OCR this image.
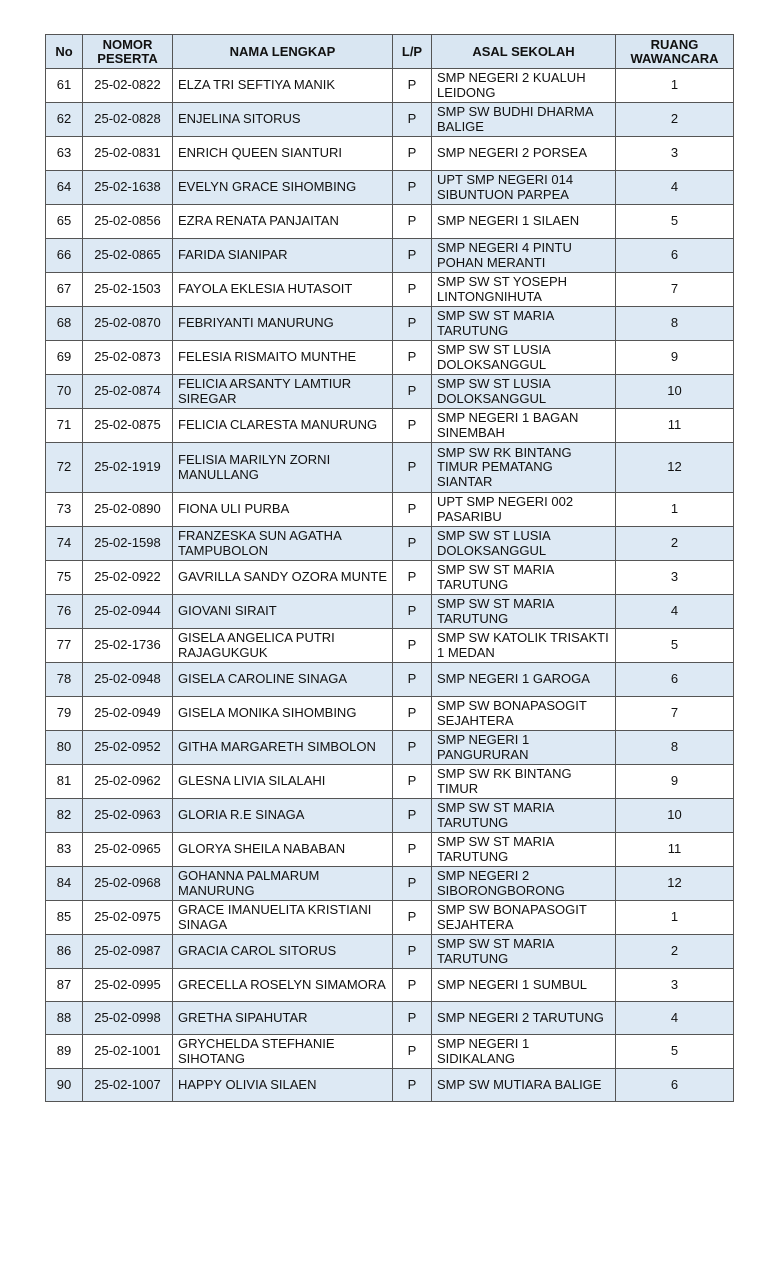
No	NOMOR PESERTA	NAMA LENGKAP	L/P	ASAL SEKOLAH	RUANG WAWANCARA
61	25-02-0822	ELZA TRI SEFTIYA MANIK	P	SMP NEGERI 2 KUALUH LEIDONG	1
62	25-02-0828	ENJELINA SITORUS	P	SMP SW BUDHI DHARMA BALIGE	2
63	25-02-0831	ENRICH QUEEN SIANTURI	P	SMP NEGERI 2 PORSEA	3
64	25-02-1638	EVELYN GRACE SIHOMBING	P	UPT SMP NEGERI 014 SIBUNTUON PARPEA	4
65	25-02-0856	EZRA RENATA PANJAITAN	P	SMP NEGERI 1 SILAEN	5
66	25-02-0865	FARIDA SIANIPAR	P	SMP NEGERI 4 PINTU POHAN MERANTI	6
67	25-02-1503	FAYOLA EKLESIA HUTASOIT	P	SMP SW ST YOSEPH LINTONGNIHUTA	7
68	25-02-0870	FEBRIYANTI MANURUNG	P	SMP SW ST MARIA TARUTUNG	8
69	25-02-0873	FELESIA RISMAITO MUNTHE	P	SMP SW ST LUSIA DOLOKSANGGUL	9
70	25-02-0874	FELICIA ARSANTY LAMTIUR SIREGAR	P	SMP SW ST LUSIA DOLOKSANGGUL	10
71	25-02-0875	FELICIA CLARESTA MANURUNG	P	SMP NEGERI 1 BAGAN SINEMBAH	11
72	25-02-1919	FELISIA MARILYN ZORNI MANULLANG	P	SMP SW RK BINTANG TIMUR PEMATANG SIANTAR	12
73	25-02-0890	FIONA ULI PURBA	P	UPT SMP NEGERI 002 PASARIBU	1
74	25-02-1598	FRANZESKA SUN AGATHA TAMPUBOLON	P	SMP SW ST LUSIA DOLOKSANGGUL	2
75	25-02-0922	GAVRILLA SANDY OZORA MUNTE	P	SMP SW ST MARIA TARUTUNG	3
76	25-02-0944	GIOVANI SIRAIT	P	SMP SW ST MARIA TARUTUNG	4
77	25-02-1736	GISELA ANGELICA PUTRI RAJAGUKGUK	P	SMP SW KATOLIK TRISAKTI 1 MEDAN	5
78	25-02-0948	GISELA CAROLINE SINAGA	P	SMP NEGERI 1 GAROGA	6
79	25-02-0949	GISELA MONIKA SIHOMBING	P	SMP SW BONAPASOGIT SEJAHTERA	7
80	25-02-0952	GITHA MARGARETH SIMBOLON	P	SMP NEGERI 1 PANGURURAN	8
81	25-02-0962	GLESNA LIVIA SILALAHI	P	SMP SW RK BINTANG TIMUR	9
82	25-02-0963	GLORIA R.E SINAGA	P	SMP SW ST MARIA TARUTUNG	10
83	25-02-0965	GLORYA SHEILA NABABAN	P	SMP SW ST MARIA TARUTUNG	11
84	25-02-0968	GOHANNA PALMARUM MANURUNG	P	SMP NEGERI 2 SIBORONGBORONG	12
85	25-02-0975	GRACE IMANUELITA KRISTIANI SINAGA	P	SMP SW BONAPASOGIT SEJAHTERA	1
86	25-02-0987	GRACIA CAROL SITORUS	P	SMP SW ST MARIA TARUTUNG	2
87	25-02-0995	GRECELLA ROSELYN SIMAMORA	P	SMP NEGERI 1 SUMBUL	3
88	25-02-0998	GRETHA SIPAHUTAR	P	SMP NEGERI 2 TARUTUNG	4
89	25-02-1001	GRYCHELDA STEFHANIE SIHOTANG	P	SMP NEGERI 1 SIDIKALANG	5
90	25-02-1007	HAPPY OLIVIA SILAEN	P	SMP SW MUTIARA BALIGE	6
